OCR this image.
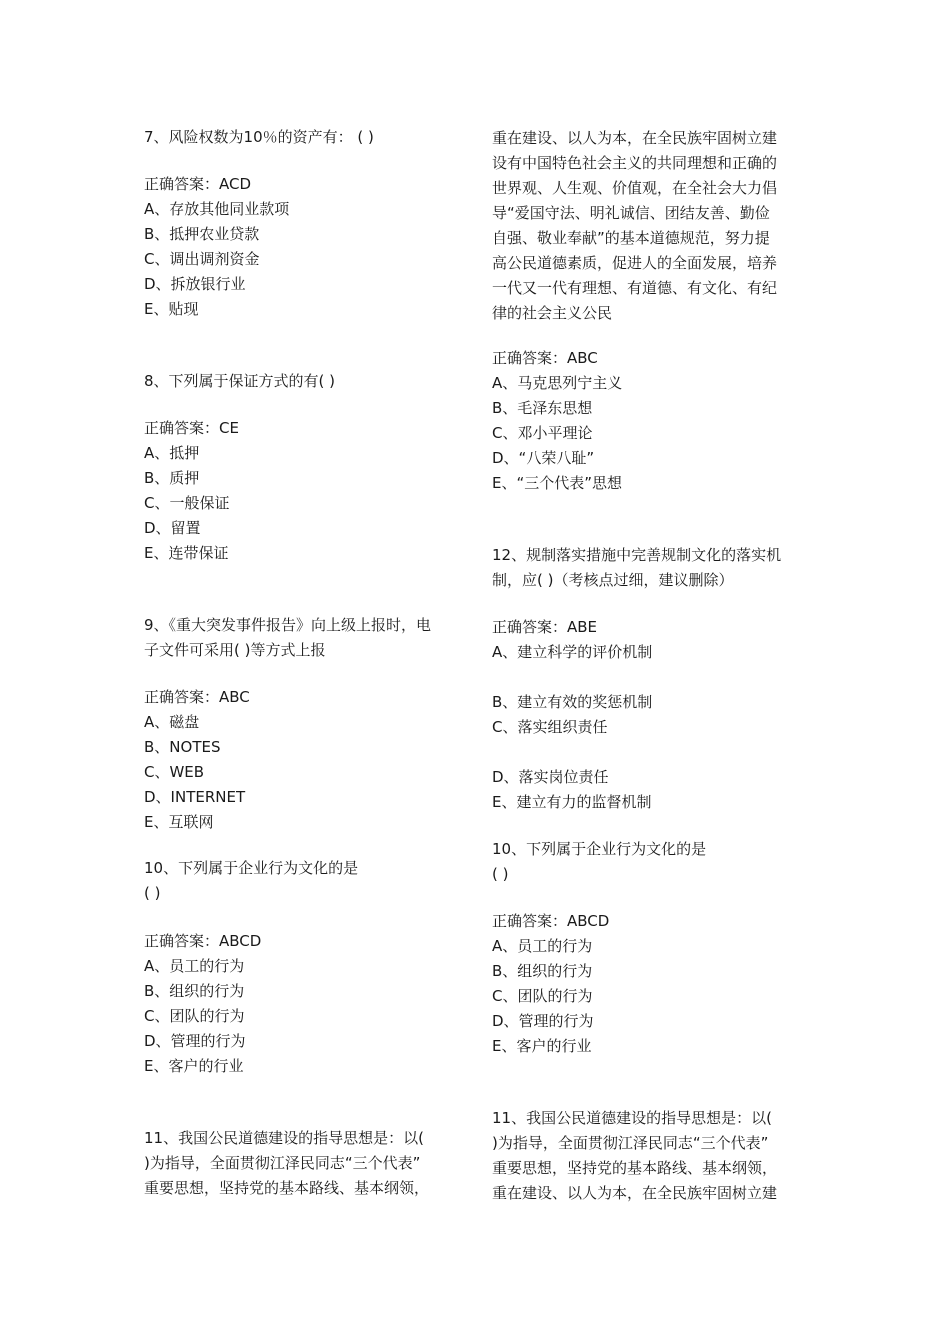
7、风险权数为10％的资产有： ( )
正确答案：ACD
A、存放其他同业款项
B、抵押农业贷款
C、调出调剂资金
D、拆放银行业
E、贴现
8、下列属于保证方式的有( )
正确答案：CE
A、抵押
B、质押
C、一般保证
D、留置
E、连带保证
9、《重大突发事件报告》向上级上报时，电
子文件可采用( )等方式上报
正确答案：ABC
A、磁盘
B、NOTES
C、WEB
D、INTERNET
E、互联网
10、下列属于企业行为文化的是
( )
正确答案：ABCD
A、员工的行为
B、组织的行为
C、团队的行为
D、管理的行为
E、客户的行业
11、我国公民道德建设的指导思想是：以(
)为指导，全面贯彻江泽民同志“三个代表”
重要思想，坚持党的基本路线、基本纲领，
重在建设、以人为本，在全民族牢固树立建
设有中国特色社会主义的共同理想和正确的
世界观、人生观、价值观，在全社会大力倡
导“爱国守法、明礼诚信、团结友善、勤俭
自强、敬业奉献”的基本道德规范，努力提
高公民道德素质，促进人的全面发展，培养
一代又一代有理想、有道德、有文化、有纪
律的社会主义公民
正确答案：ABC
A、马克思列宁主义
B、毛泽东思想
C、邓小平理论
D、“八荣八耻”
E、“三个代表”思想
12、规制落实措施中完善规制文化的落实机
制，应( )（考核点过细，建议删除）
正确答案：ABE
A、建立科学的评价机制
B、建立有效的奖惩机制
C、落实组织责任
D、落实岗位责任
E、建立有力的监督机制
10、下列属于企业行为文化的是
( )
正确答案：ABCD
A、员工的行为
B、组织的行为
C、团队的行为
D、管理的行为
E、客户的行业
11、我国公民道德建设的指导思想是：以(
)为指导，全面贯彻江泽民同志“三个代表”
重要思想，坚持党的基本路线、基本纲领，
重在建设、以人为本，在全民族牢固树立建
